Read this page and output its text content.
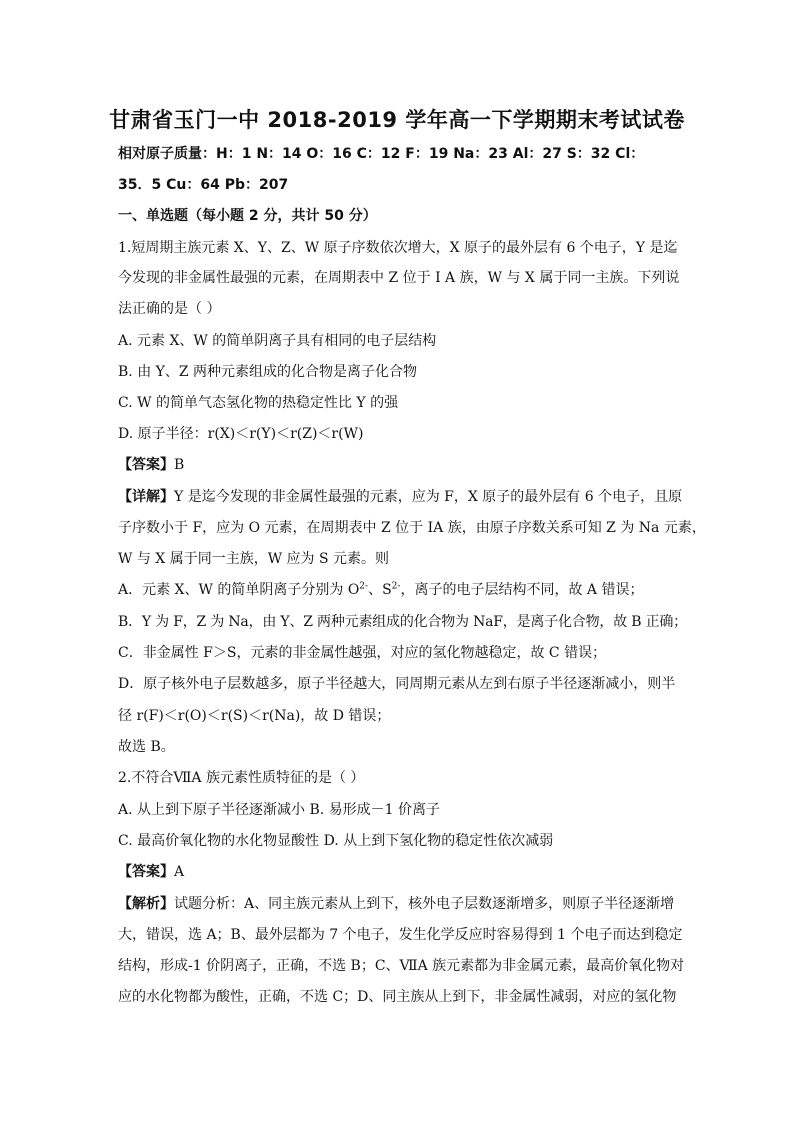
甘肃省玉门一中 2018-2019 学年高一下学期期末考试试卷
相对原子质量：H：1 N：14 O：16 C：12 F：19 Na：23 Al：27 S：32 Cl：
35．5 Cu：64 Pb：207
一、单选题（每小题 2 分，共计 50 分）
1.短周期主族元素 X、Y、Z、W 原子序数依次增大，X 原子的最外层有 6 个电子，Y 是迄
今发现的非金属性最强的元素，在周期表中 Z 位于 I A 族，W 与 X 属于同一主族。下列说
法正确的是（ ）
A. 元素 X、W 的简单阴离子具有相同的电子层结构
B. 由 Y、Z 两种元素组成的化合物是离子化合物
C. W 的简单气态氢化物的热稳定性比 Y 的强
D. 原子半径：r(X)＜r(Y)＜r(Z)＜r(W)
【答案】B
【详解】Y 是迄今发现的非金属性最强的元素，应为 F，X 原子的最外层有 6 个电子，且原
子序数小于 F，应为 O 元素，在周期表中 Z 位于 IA 族，由原子序数关系可知 Z 为 Na 元素，
W 与 X 属于同一主族，W 应为 S 元素。则
A．元素 X、W 的简单阴离子分别为 $O^{2-}$、$S^{2-}$，离子的电子层结构不同，故 A 错误；
B．Y 为 F，Z 为 Na，由 Y、Z 两种元素组成的化合物为 NaF，是离子化合物，故 B 正确；
C．非金属性 F＞S，元素的非金属性越强，对应的氢化物越稳定，故 C 错误；
D．原子核外电子层数越多，原子半径越大，同周期元素从左到右原子半径逐渐减小，则半
径 r(F)＜r(O)＜r(S)＜r(Na)，故 D 错误；
故选 B。
2.不符合ⅦA 族元素性质特征的是（ ）
A. 从上到下原子半径逐渐减小 B. 易形成－1 价离子
C. 最高价氧化物的水化物显酸性 D. 从上到下氢化物的稳定性依次减弱
【答案】A
【解析】试题分析：A、同主族元素从上到下，核外电子层数逐渐增多，则原子半径逐渐增
大，错误，选 A；B、最外层都为 7 个电子，发生化学反应时容易得到 1 个电子而达到稳定
结构，形成-1 价阴离子，正确，不选 B；C、ⅦA 族元素都为非金属元素，最高价氧化物对
应的水化物都为酸性，正确，不选 C；D、同主族从上到下，非金属性减弱，对应的氢化物
